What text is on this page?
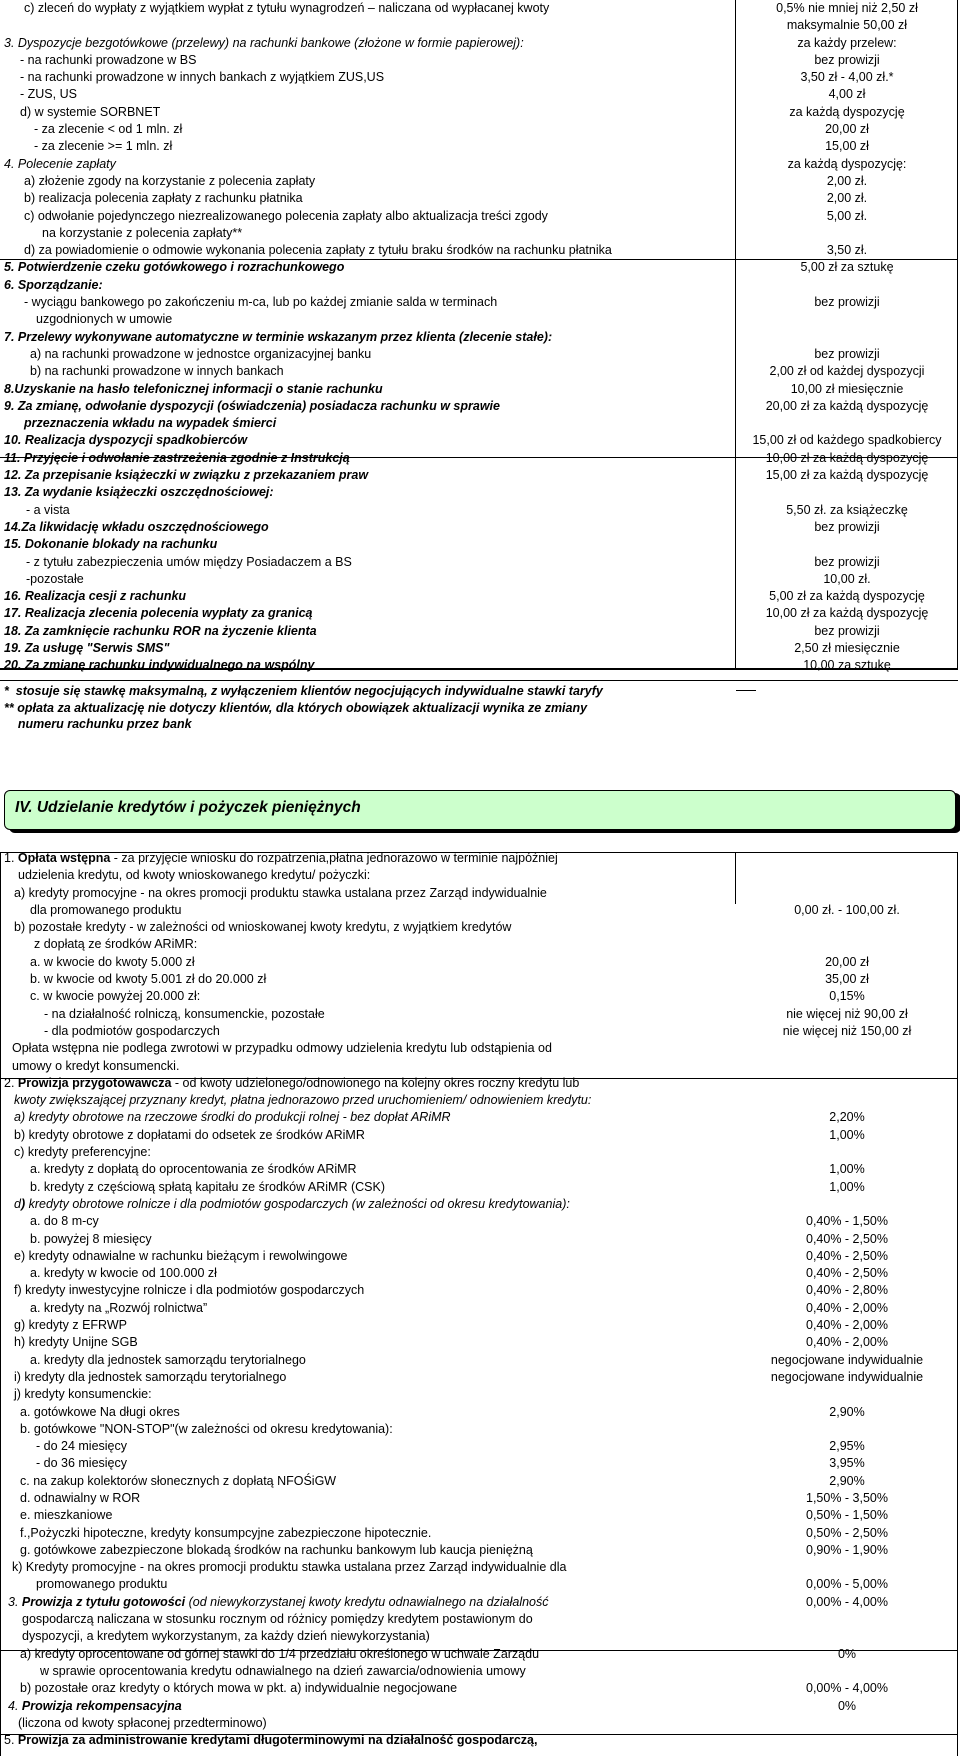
c) zleceń do wypłaty z wyjątkiem wypłat z tytułu wynagrodzeń – naliczana od wypłacanej kwoty	0,5% nie mniej niż 2,50 zł
maksymalnie 50,00 zł
3. Dyspozycje bezgotówkowe (przelewy) na rachunki bankowe (złożone w formie papierowej):	za każdy przelew:
- na rachunki prowadzone w BS	bez prowizji
- na rachunki prowadzone w innych bankach z wyjątkiem ZUS,US	3,50 zł - 4,00 zł.*
- ZUS, US	4,00 zł
d) w systemie SORBNET	za każdą dyspozycję
- za zlecenie < od 1 mln. zł	20,00 zł
- za zlecenie >= 1 mln. zł	15,00 zł
4. Polecenie zapłaty	za każdą dyspozycję:
a) złożenie zgody na korzystanie z polecenia zapłaty	2,00 zł.
b) realizacja polecenia zapłaty z rachunku płatnika	2,00 zł.
c) odwołanie pojedynczego niezrealizowanego polecenia zapłaty albo aktualizacja treści zgody	5,00 zł.
na korzystanie z polecenia zapłaty**
d) za powiadomienie o odmowie wykonania polecenia zapłaty z tytułu braku środków na rachunku płatnika	3,50 zł.
5. Potwierdzenie czeku gotówkowego i rozrachunkowego	5,00 zł za sztukę
6. Sporządzanie:
- wyciągu bankowego po zakończeniu m-ca, lub po każdej zmianie salda w terminach	bez prowizji
uzgodnionych w umowie
7. Przelewy wykonywane automatyczne w terminie wskazanym przez klienta (zlecenie stałe):
a) na rachunki prowadzone w jednostce organizacyjnej banku	bez prowizji
b) na rachunki prowadzone w innych bankach	2,00 zł od każdej dyspozycji
8.Uzyskanie na hasło telefonicznej informacji o stanie rachunku	10,00 zł miesięcznie
9. Za zmianę, odwołanie dyspozycji (oświadczenia) posiadacza rachunku w sprawie	20,00 zł za każdą dyspozycję
przeznaczenia wkładu na wypadek śmierci
10. Realizacja dyspozycji spadkobierców	15,00 zł od każdego spadkobiercy
11. Przyjęcie i odwołanie zastrzeżenia zgodnie z Instrukcją	10,00 zł za każdą dyspozycję
12. Za przepisanie książeczki w związku z przekazaniem praw	15,00 zł za każdą dyspozycję
13. Za wydanie książeczki oszczędnościowej:
- a vista	5,50 zł. za książeczkę
14.Za likwidację wkładu oszczędnościowego	bez prowizji
15. Dokonanie blokady na rachunku
- z tytułu zabezpieczenia umów między Posiadaczem a BS	bez prowizji
-pozostałe	10,00 zł.
16. Realizacja cesji z rachunku	5,00 zł za każdą dyspozycję
17. Realizacja zlecenia polecenia wypłaty za granicą	10,00 zł za każdą dyspozycję
18. Za zamknięcie rachunku ROR na życzenie klienta	bez prowizji
19. Za usługę "Serwis SMS"	2,50 zł miesięcznie
20. Za zmianę rachunku indywidualnego na wspólny	10,00 za sztukę
*  stosuje się stawkę maksymalną, z wyłączeniem klientów negocjujących indywidualne stawki taryfy
** opłata za aktualizację nie dotyczy klientów, dla których obowiązek aktualizacji wynika ze zmiany
numeru rachunku przez bank
IV. Udzielanie kredytów i pożyczek pieniężnych
1. Opłata wstępna - za przyjęcie wniosku do rozpatrzenia,płatna jednorazowo w terminie najpóźniej
udzielenia kredytu, od kwoty wnioskowanego kredytu/ pożyczki:
a) kredyty promocyjne - na okres promocji produktu stawka ustalana przez Zarząd indywidualnie
dla promowanego produktu	0,00 zł. - 100,00 zł.
b) pozostałe kredyty - w zależności od wnioskowanej kwoty kredytu, z wyjątkiem kredytów
z dopłatą ze środków ARiMR:
a. w kwocie do kwoty 5.000 zł	20,00 zł
b. w kwocie od kwoty 5.001 zł do 20.000 zł	35,00 zł
c. w kwocie powyżej 20.000 zł:	0,15%
- na działalność rolniczą, konsumenckie, pozostałe	nie więcej niż 90,00 zł
- dla podmiotów gospodarczych	nie więcej niż 150,00 zł
Opłata wstępna nie podlega zwrotowi w przypadku odmowy udzielenia kredytu lub odstąpienia od
umowy o kredyt konsumencki.
2. Prowizja przygotowawcza - od kwoty udzielonego/odnowionego na kolejny okres roczny kredytu lub
kwoty zwiększającej przyznany kredyt, płatna jednorazowo przed uruchomieniem/ odnowieniem kredytu:
a) kredyty obrotowe na rzeczowe środki do produkcji rolnej - bez dopłat ARiMR	2,20%
b) kredyty obrotowe z dopłatami do odsetek ze środków ARiMR	1,00%
c) kredyty preferencyjne:
a. kredyty z dopłatą do oprocentowania ze środków ARiMR	1,00%
b. kredyty z częściową spłatą kapitału ze środków ARiMR (CSK)	1,00%
d) kredyty obrotowe rolnicze i dla podmiotów gospodarczych (w zależności od okresu kredytowania):
a. do 8 m-cy	0,40% - 1,50%
b. powyżej 8 miesięcy	0,40% - 2,50%
e) kredyty odnawialne w rachunku bieżącym i rewolwingowe	0,40% - 2,50%
a. kredyty w kwocie od 100.000 zł	0,40% - 2,50%
f) kredyty inwestycyjne rolnicze i dla podmiotów gospodarczych	0,40% - 2,80%
a. kredyty na „Rozwój rolnictwa”	0,40% - 2,00%
g) kredyty z EFRWP	0,40% - 2,00%
h) kredyty Unijne SGB	0,40% - 2,00%
a. kredyty dla jednostek samorządu terytorialnego	negocjowane indywidualnie
i) kredyty dla jednostek samorządu terytorialnego	negocjowane indywidualnie
j) kredyty konsumenckie:
a. gotówkowe Na długi okres	2,90%
b. gotówkowe "NON-STOP"(w zależności od okresu kredytowania):
- do 24 miesięcy	2,95%
- do 36 miesięcy	3,95%
c. na zakup kolektorów słonecznych z dopłatą NFOŚiGW	2,90%
d. odnawialny w ROR	1,50% - 3,50%
e. mieszkaniowe	0,50% - 1,50%
f.,Pożyczki hipoteczne, kredyty konsumpcyjne zabezpieczone hipotecznie.	0,50% - 2,50%
g. gotówkowe zabezpieczone blokadą środków na rachunku bankowym lub kaucja pieniężną	0,90% - 1,90%
k) Kredyty promocyjne - na okres promocji produktu stawka ustalana przez Zarząd indywidualnie dla
promowanego produktu	0,00% - 5,00%
3. Prowizja z tytułu gotowości (od niewykorzystanej kwoty kredytu odnawialnego na działalność	0,00% - 4,00%
gospodarczą naliczana w stosunku rocznym od różnicy pomiędzy kredytem postawionym do
dyspozycji, a kredytem wykorzystanym, za każdy dzień niewykorzystania)
a) kredyty oprocentowane od górnej stawki do 1/4 przedziału określonego w uchwale Zarządu	0%
w sprawie oprocentowania kredytu odnawialnego na dzień zawarcia/odnowienia umowy
b) pozostałe oraz kredyty o których mowa w pkt. a) indywidualnie negocjowane	0,00% - 4,00%
4. Prowizja rekompensacyjna	0%
(liczona od kwoty spłaconej przedterminowo)
5. Prowizja za administrowanie kredytami długoterminowymi na działalność gospodarczą,
